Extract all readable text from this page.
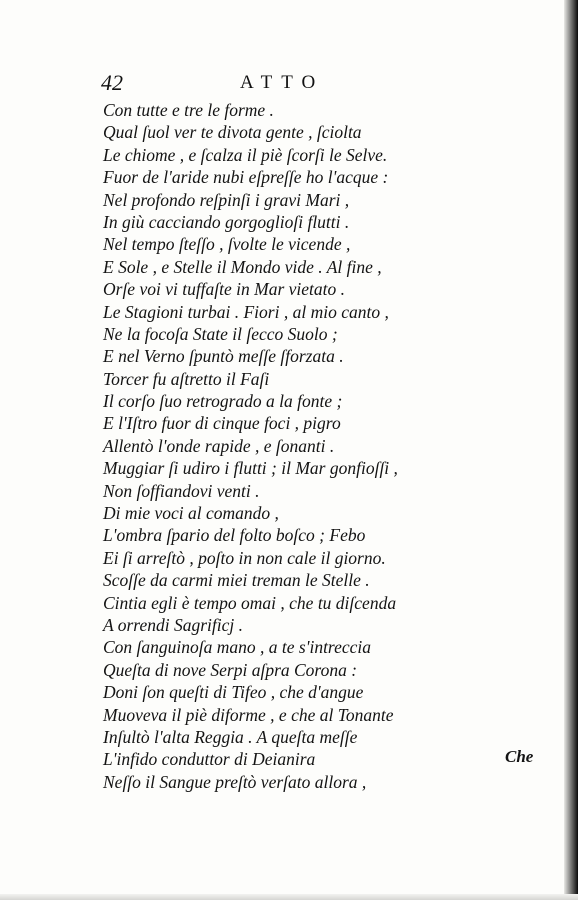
42	ATTO
Con tutte e tre le forme .
Qual ſuol ver te divota gente , ſciolta
Le chiome , e ſcalza il piè ſcorſi le Selve.
Fuor de l'aride nubi eſpreſſe ho l'acque :
Nel profondo reſpinſi i gravi Mari ,
In giù cacciando gorgoglioſi flutti .
Nel tempo ſteſſo , ſvolte le vicende ,
E Sole , e Stelle il Mondo vide . Al fine ,
Orſe voi vi tuffaſte in Mar vietato .
Le Stagioni turbai . Fiori , al mio canto ,
Ne la focoſa State il ſecco Suolo ;
E nel Verno ſpuntò meſſe ſforzata .
Torcer fu aſtretto il Faſi
Il corſo ſuo retrogrado a la fonte ;
E l'Iſtro fuor di cinque foci , pigro
Allentò l'onde rapide , e ſonanti .
Muggiar ſi udiro i flutti ; il Mar gonfioſſi ,
Non ſoffiandovi venti .
Di mie voci al comando ,
L'ombra ſpario del folto boſco ; Febo
Ei ſi arreſtò , poſto in non cale il giorno.
Scoſſe da carmi miei treman le Stelle .
Cintia egli è tempo omai , che tu diſcenda
A orrendi Sagrificj .
Con ſanguinoſa mano , a te s'intreccia
Queſta di nove Serpi aſpra Corona :
Doni ſon queſti di Tifeo , che d'angue
Muoveva il piè diforme , e che al Tonante
Inſultò l'alta Reggia . A queſta meſſe
L'infido conduttor di Deianira
Neſſo il Sangue preſtò verſato allora ,
Che
